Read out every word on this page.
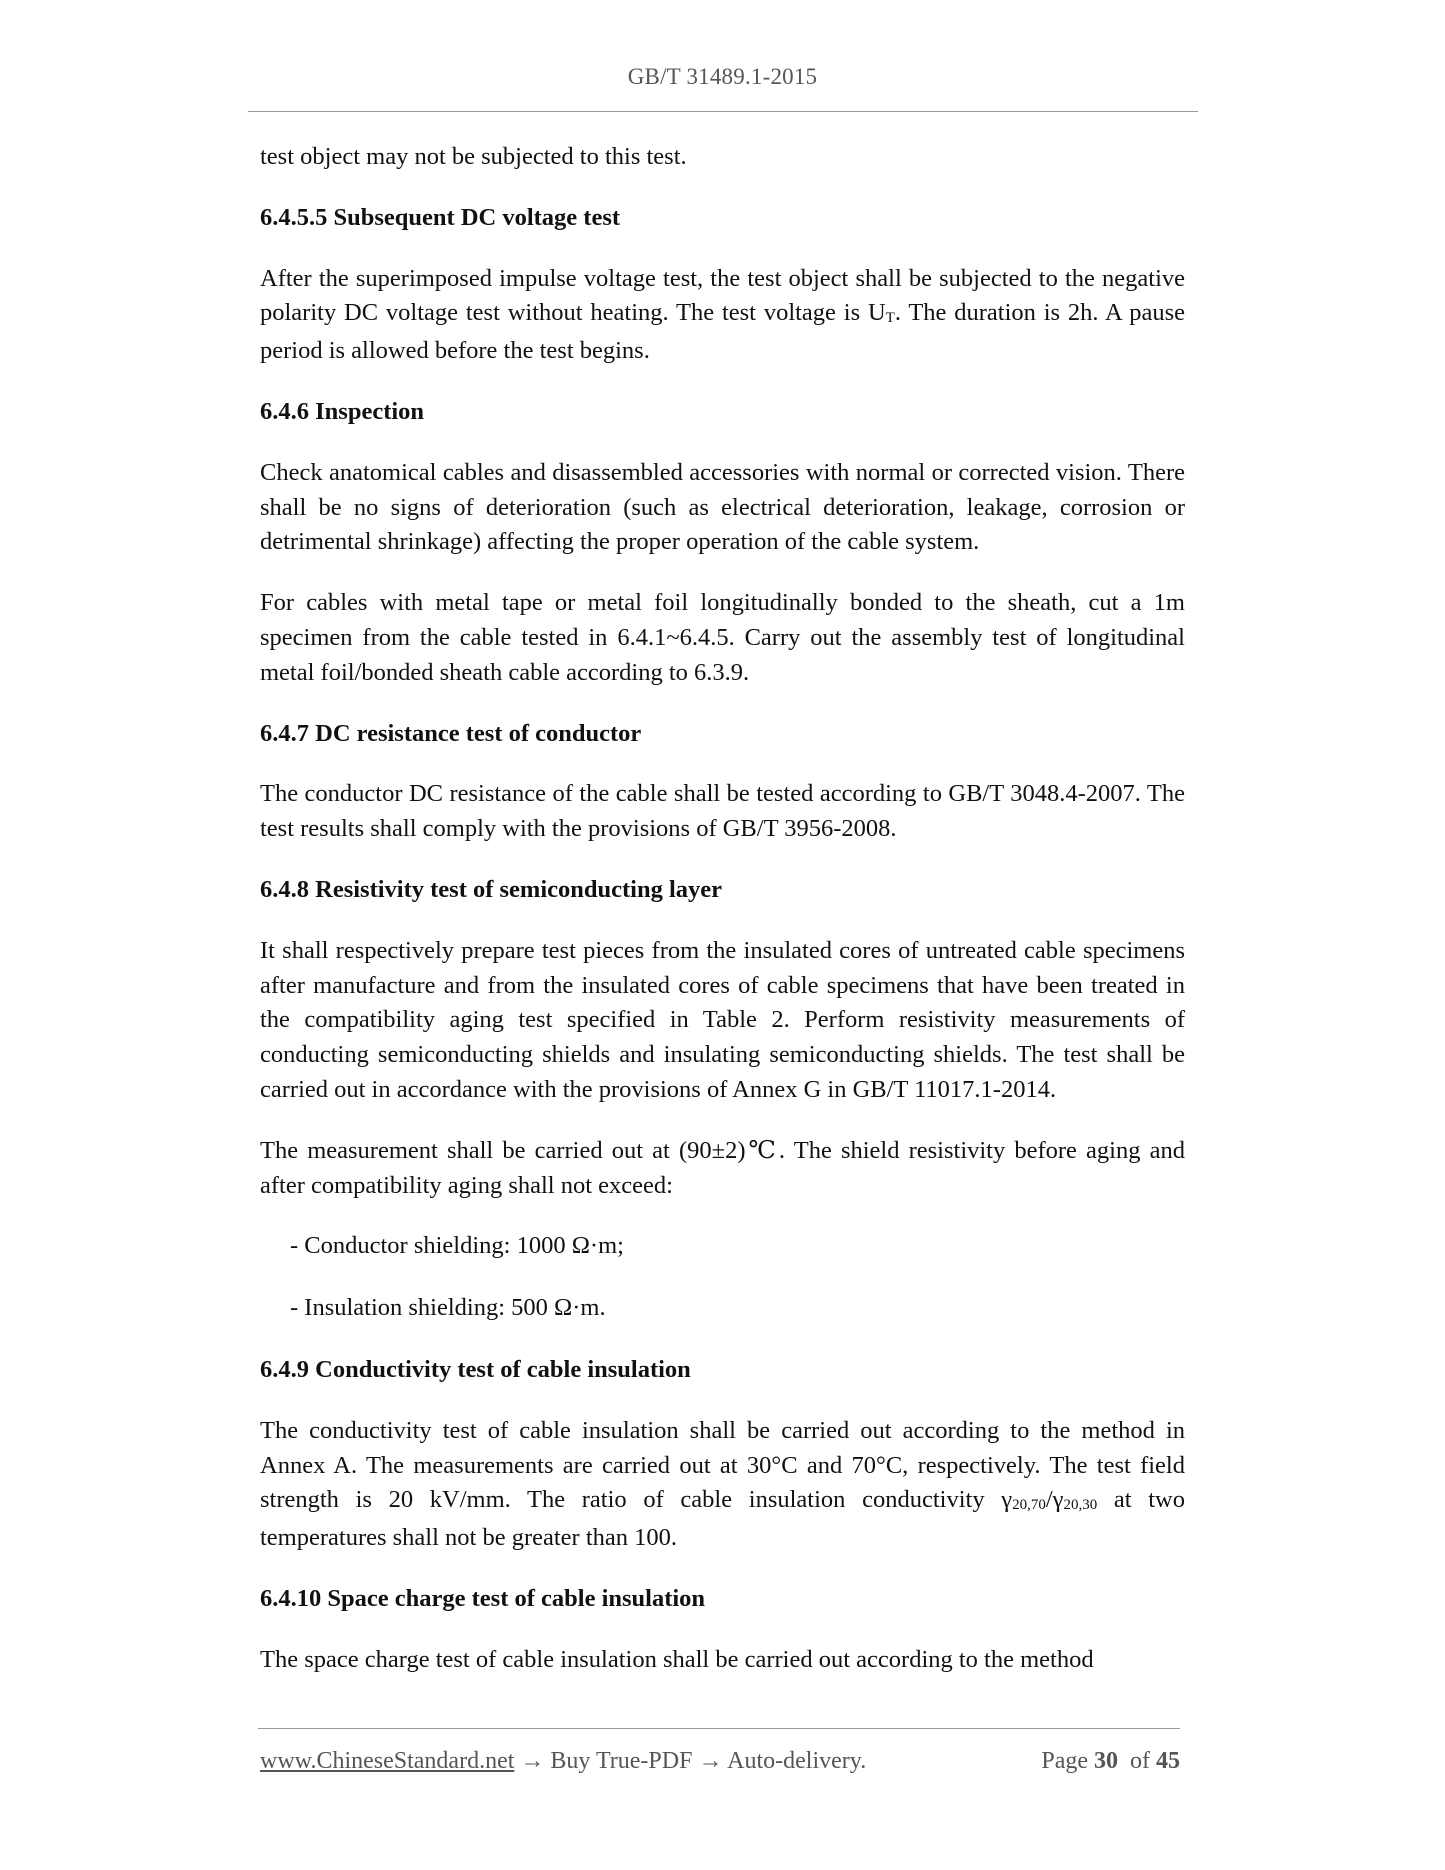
GB/T 31489.1-2015

test object may not be subjected to this test.

6.4.5.5 Subsequent DC voltage test

After the superimposed impulse voltage test, the test object shall be subjected to the negative polarity DC voltage test without heating. The test voltage is $U_T$. The duration is 2h. A pause period is allowed before the test begins.

6.4.6 Inspection

Check anatomical cables and disassembled accessories with normal or corrected vision. There shall be no signs of deterioration (such as electrical deterioration, leakage, corrosion or detrimental shrinkage) affecting the proper operation of the cable system.

For cables with metal tape or metal foil longitudinally bonded to the sheath, cut a 1m specimen from the cable tested in 6.4.1~6.4.5. Carry out the assembly test of longitudinal metal foil/bonded sheath cable according to 6.3.9.

6.4.7 DC resistance test of conductor

The conductor DC resistance of the cable shall be tested according to GB/T 3048.4-2007. The test results shall comply with the provisions of GB/T 3956-2008.

6.4.8 Resistivity test of semiconducting layer

It shall respectively prepare test pieces from the insulated cores of untreated cable specimens after manufacture and from the insulated cores of cable specimens that have been treated in the compatibility aging test specified in Table 2. Perform resistivity measurements of conducting semiconducting shields and insulating semiconducting shields. The test shall be carried out in accordance with the provisions of Annex G in GB/T 11017.1-2014.

The measurement shall be carried out at (90±2)℃. The shield resistivity before aging and after compatibility aging shall not exceed:

- Conductor shielding: 1000 Ω·m;

- Insulation shielding: 500 Ω·m.

6.4.9 Conductivity test of cable insulation

The conductivity test of cable insulation shall be carried out according to the method in Annex A. The measurements are carried out at 30°C and 70°C, respectively. The test field strength is 20 kV/mm. The ratio of cable insulation conductivity $\gamma_{20,70}/\gamma_{20,30}$ at two temperatures shall not be greater than 100.

6.4.10 Space charge test of cable insulation

The space charge test of cable insulation shall be carried out according to the method

www.ChineseStandard.net → Buy True-PDF → Auto-delivery.	Page 30 of 45
